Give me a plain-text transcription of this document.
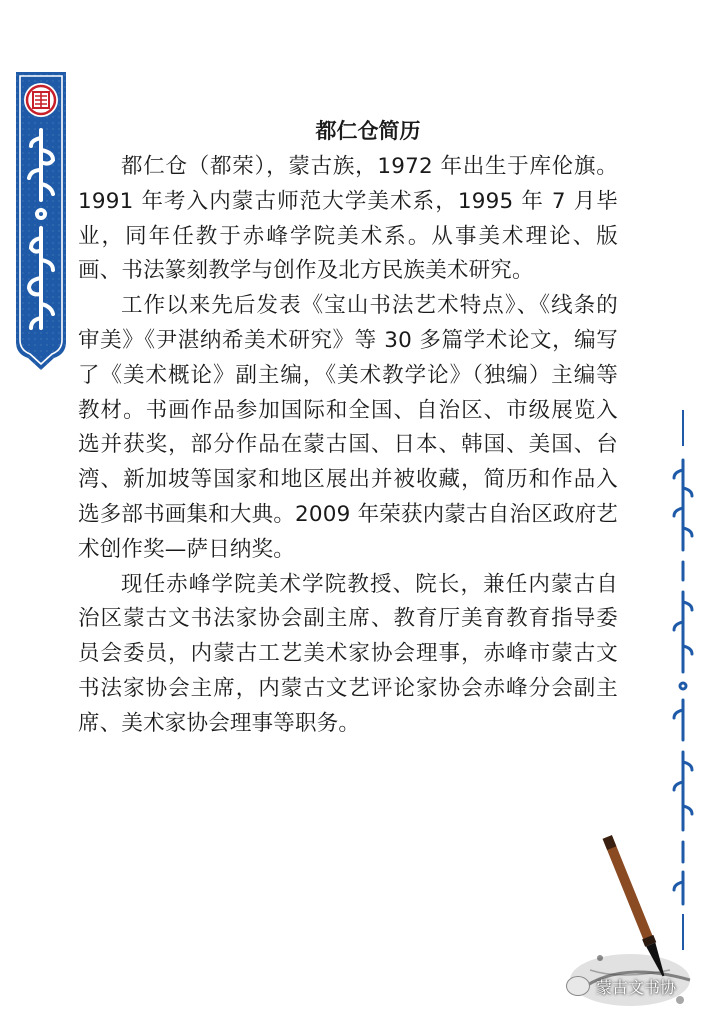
都仁仓简历

都仁仓（都荣），蒙古族，1972 年出生于库伦旗。1991 年考入内蒙古师范大学美术系，1995 年 7 月毕业，同年任教于赤峰学院美术系。从事美术理论、版画、书法篆刻教学与创作及北方民族美术研究。

工作以来先后发表《宝山书法艺术特点》、《线条的审美》《尹湛纳希美术研究》等 30 多篇学术论文，编写了《美术概论》副主编，《美术教学论》（独编）主编等教材。书画作品参加国际和全国、自治区、市级展览入选并获奖，部分作品在蒙古国、日本、韩国、美国、台湾、新加坡等国家和地区展出并被收藏，简历和作品入选多部书画集和大典。2009 年荣获内蒙古自治区政府艺术创作奖—萨日纳奖。

现任赤峰学院美术学院教授、院长，兼任内蒙古自治区蒙古文书法家协会副主席、教育厅美育教育指导委员会委员，内蒙古工艺美术家协会理事，赤峰市蒙古文书法家协会主席，内蒙古文艺评论家协会赤峰分会副主席、美术家协会理事等职务。

蒙古文书协
